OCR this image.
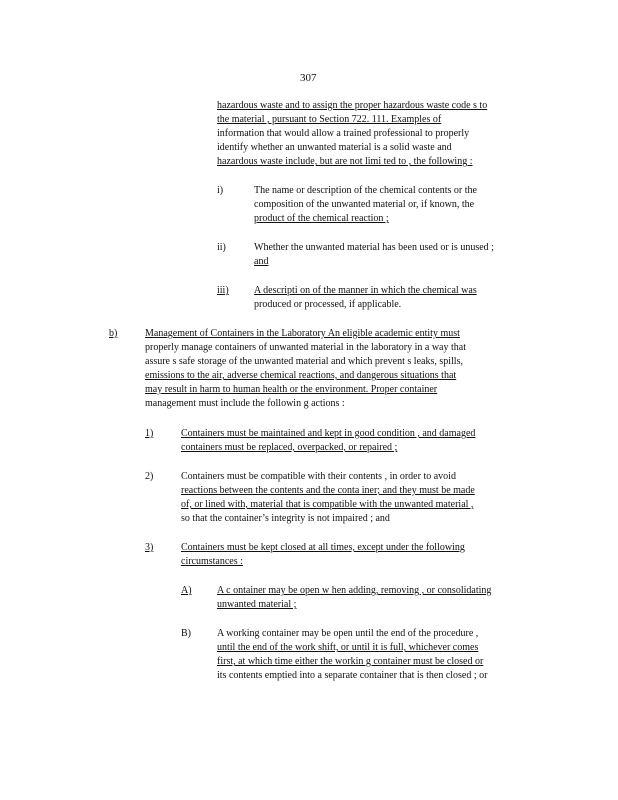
307
hazardous waste and to assign the proper hazardous waste code s to
the material , pursuant to Section 722. 111. Examples of
information that would allow a trained professional to properly
identify whether an unwanted material is a solid waste and
hazardous waste include, but are not limi ted to , the following :
i)	The name or description of the chemical contents or the
composition of the unwanted material or, if known, the
product of the chemical reaction ;
ii)	Whether the unwanted material has been used or is unused ;
and
iii)	A descripti on of the manner in which the chemical was
produced or processed, if applicable.
b)	Management of Containers in the Laboratory An eligible academic entity must
properly manage containers of unwanted material in the laboratory in a way that
assure s safe storage of the unwanted material and which prevent s leaks, spills,
emissions to the air, adverse chemical reactions, and dangerous situations that
may result in harm to human health or the environment. Proper container
management must include the followin g actions :
1)	Containers must be maintained and kept in good condition , and damaged
containers must be replaced, overpacked, or repaired ;
2)	Containers must be compatible with their contents , in order to avoid
reactions between the contents and the conta iner; and they must be made
of, or lined with, material that is compatible with the unwanted material ,
so that the container’s integrity is not impaired ; and
3)	Containers must be kept closed at all times, except under the following
circumstances :
A)	A c ontainer may be open w hen adding, removing , or consolidating
unwanted material ;
B)	A working container may be open until the end of the procedure ,
until the end of the work shift, or until it is full, whichever comes
first, at which time either the workin g container must be closed or
its contents emptied into a separate container that is then closed ; or
